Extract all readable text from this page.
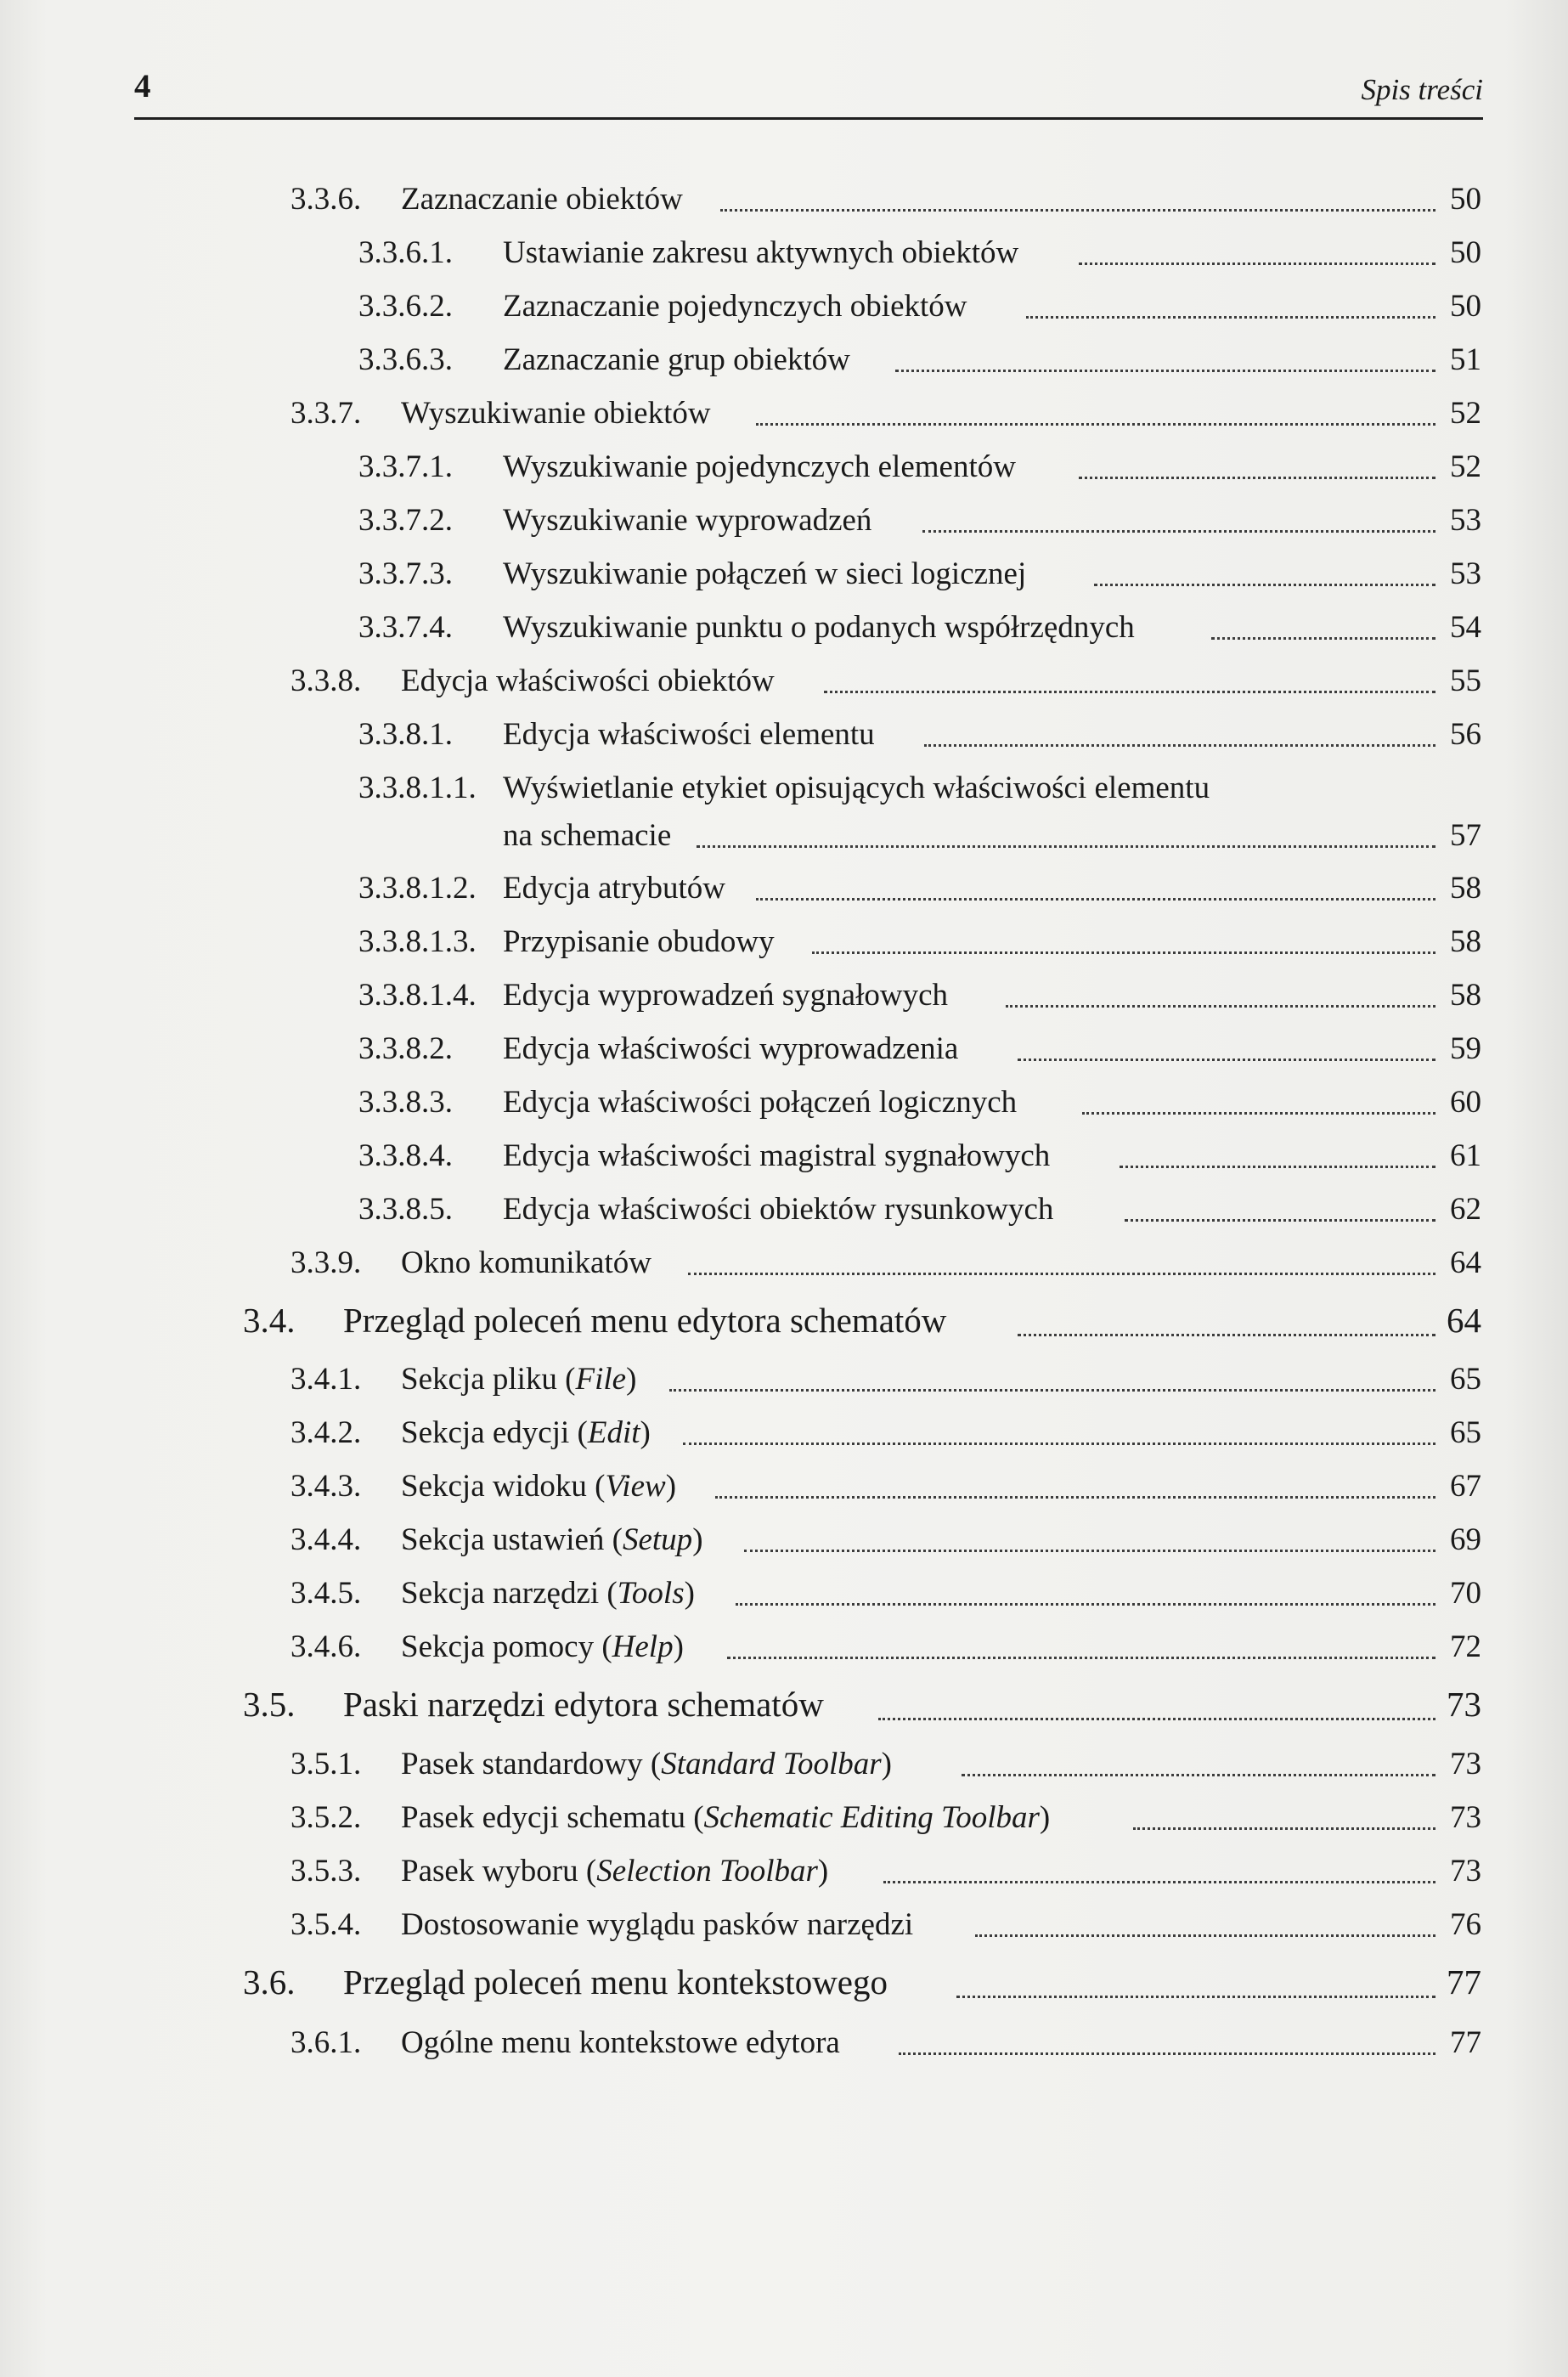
4	Spis treści
3.3.6. Zaznaczanie obiektów	50
3.3.6.1. Ustawianie zakresu aktywnych obiektów	50
3.3.6.2. Zaznaczanie pojedynczych obiektów	50
3.3.6.3. Zaznaczanie grup obiektów	51
3.3.7. Wyszukiwanie obiektów	52
3.3.7.1. Wyszukiwanie pojedynczych elementów	52
3.3.7.2. Wyszukiwanie wyprowadzeń	53
3.3.7.3. Wyszukiwanie połączeń w sieci logicznej	53
3.3.7.4. Wyszukiwanie punktu o podanych współrzędnych	54
3.3.8. Edycja właściwości obiektów	55
3.3.8.1. Edycja właściwości elementu	56
3.3.8.1.1. Wyświetlanie etykiet opisujących właściwości elementu
na schemacie	57
3.3.8.1.2. Edycja atrybutów	58
3.3.8.1.3. Przypisanie obudowy	58
3.3.8.1.4. Edycja wyprowadzeń sygnałowych	58
3.3.8.2. Edycja właściwości wyprowadzenia	59
3.3.8.3. Edycja właściwości połączeń logicznych	60
3.3.8.4. Edycja właściwości magistral sygnałowych	61
3.3.8.5. Edycja właściwości obiektów rysunkowych	62
3.3.9. Okno komunikatów	64
3.4. Przegląd poleceń menu edytora schematów	64
3.4.1. Sekcja pliku (File)	65
3.4.2. Sekcja edycji (Edit)	65
3.4.3. Sekcja widoku (View)	67
3.4.4. Sekcja ustawień (Setup)	69
3.4.5. Sekcja narzędzi (Tools)	70
3.4.6. Sekcja pomocy (Help)	72
3.5. Paski narzędzi edytora schematów	73
3.5.1. Pasek standardowy (Standard Toolbar)	73
3.5.2. Pasek edycji schematu (Schematic Editing Toolbar)	73
3.5.3. Pasek wyboru (Selection Toolbar)	73
3.5.4. Dostosowanie wyglądu pasków narzędzi	76
3.6. Przegląd poleceń menu kontekstowego	77
3.6.1. Ogólne menu kontekstowe edytora	77
